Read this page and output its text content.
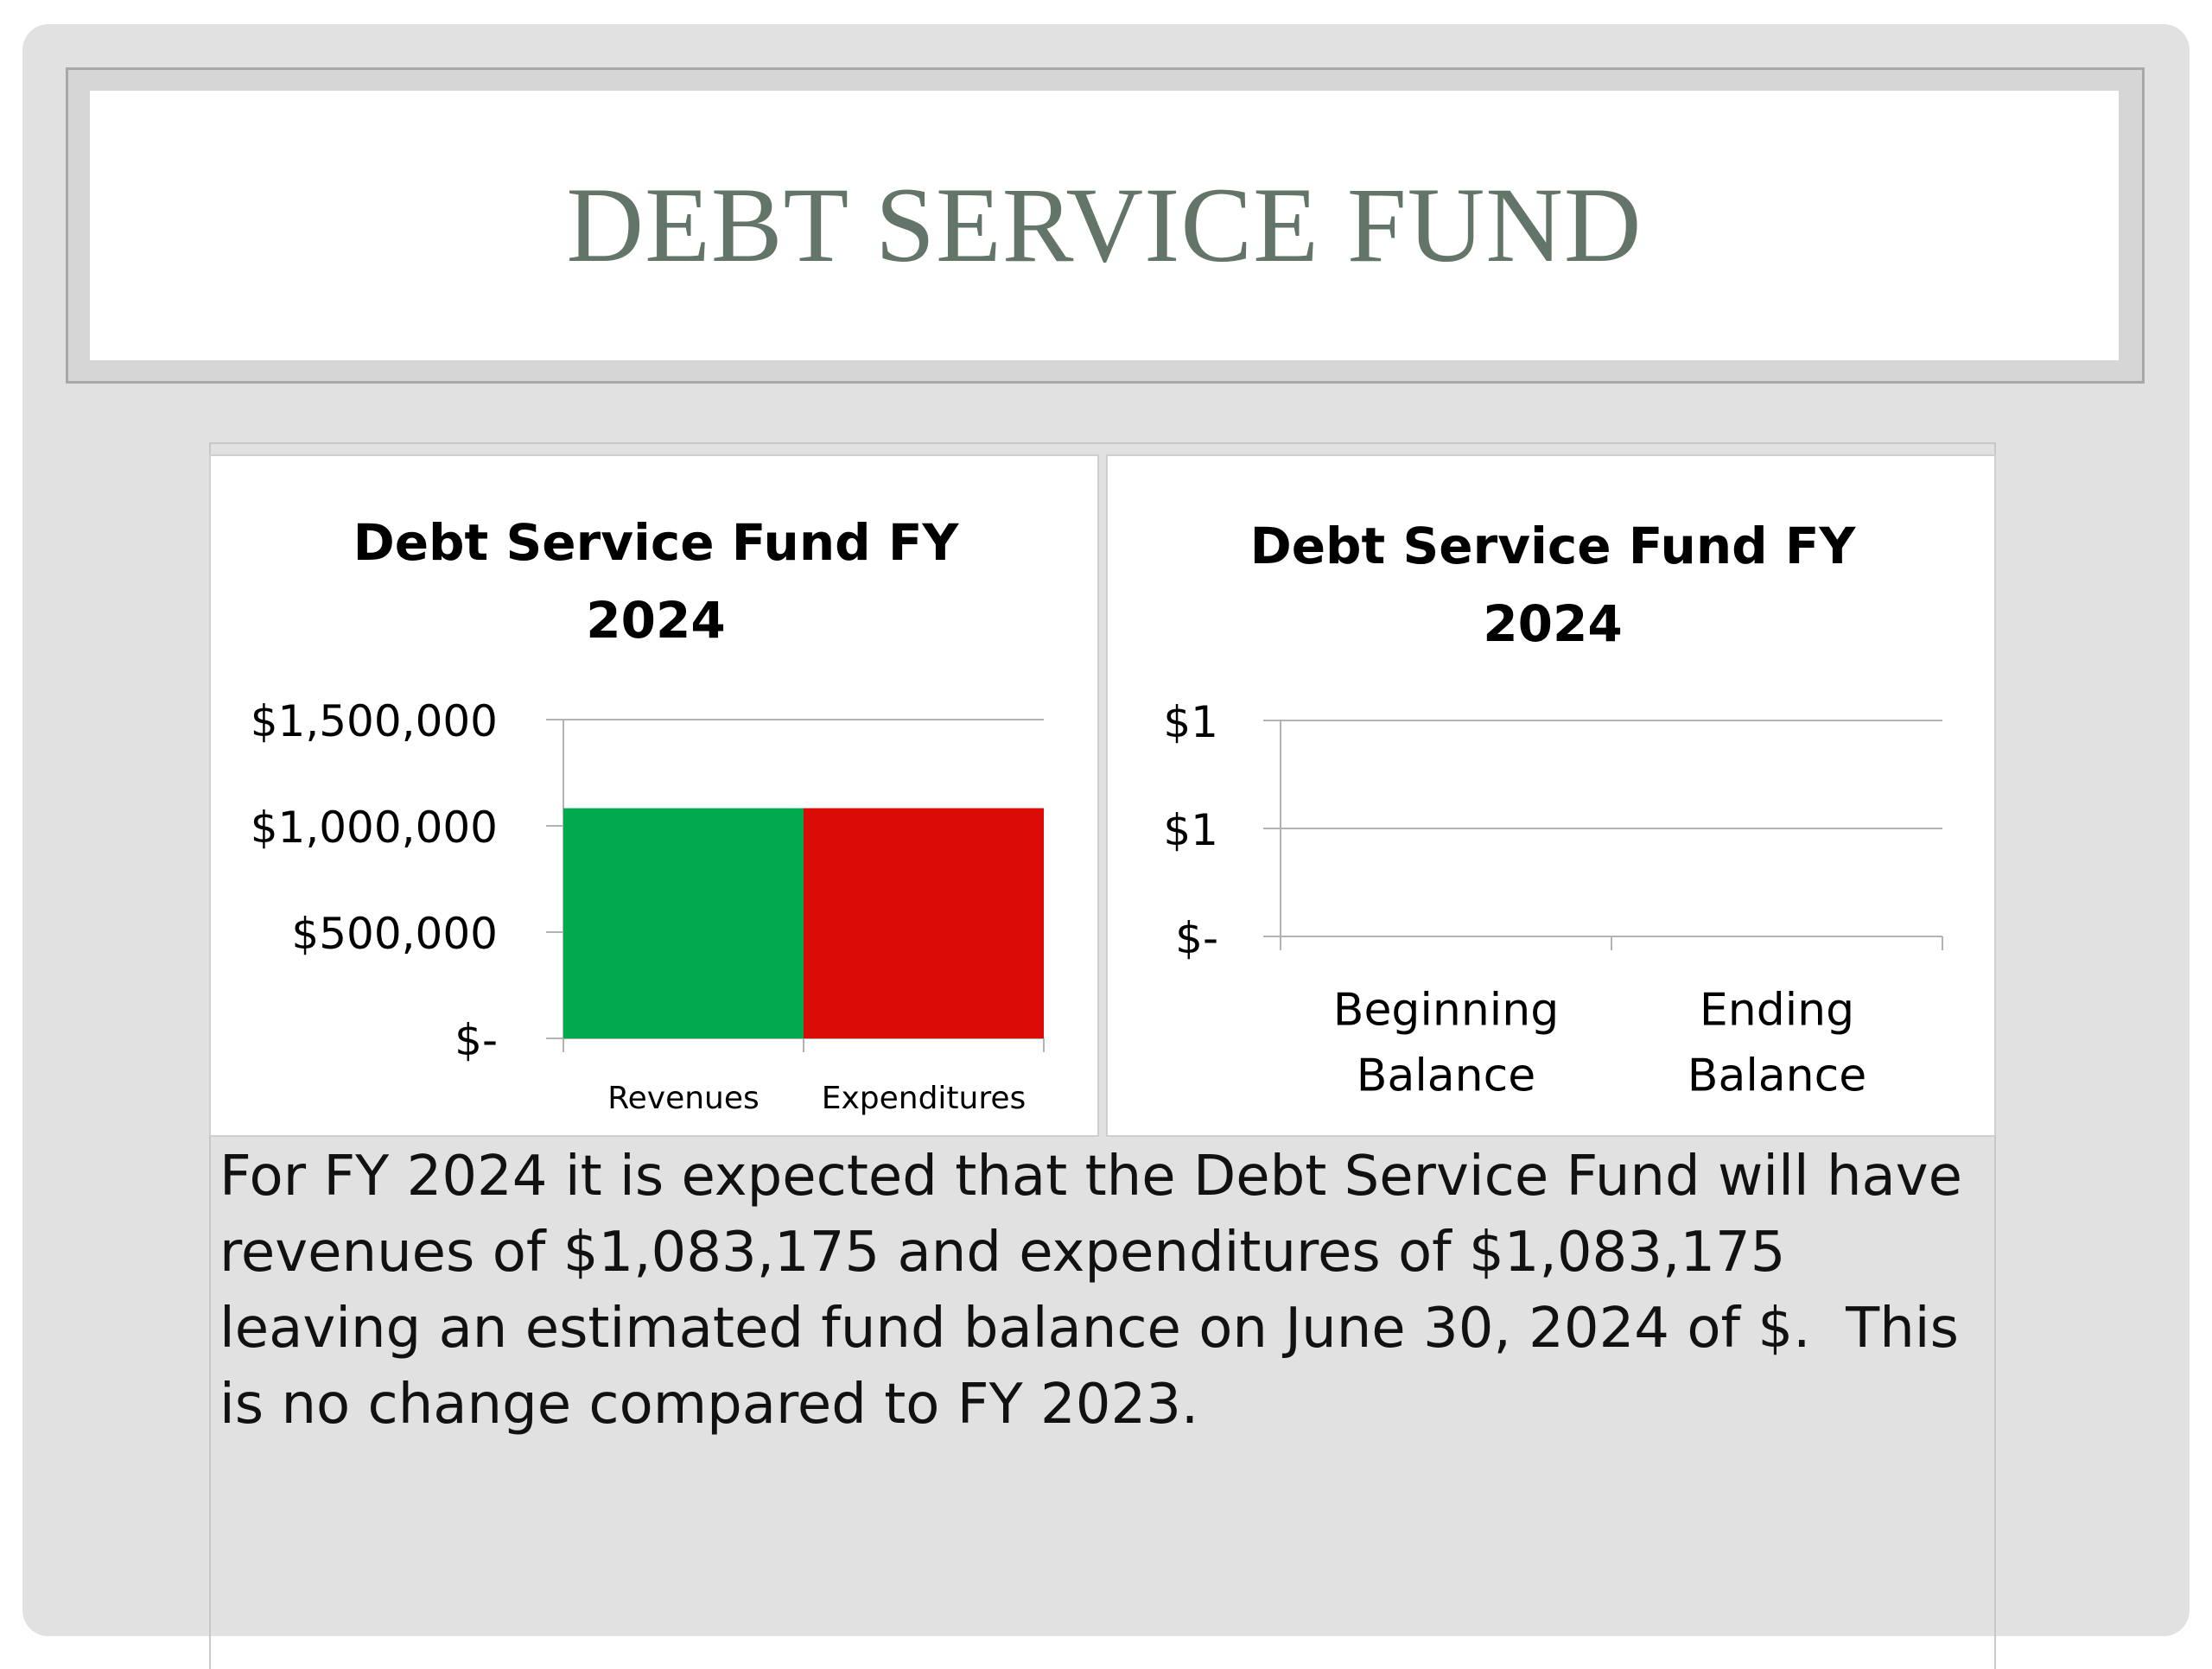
DEBT SERVICE FUND
Debt Service Fund FY
2024
$-
$500,000
$1,000,000
$1,500,000
Revenues Expenditures
Debt Service Fund FY
2024
$-
$1
$1
Beginning
Balance
Ending
Balance
For FY 2024 it is expected that the Debt Service Fund will have revenues of $1,083,175 and expenditures of $1,083,175 leaving an estimated fund balance on June 30, 2024 of $.  This is no change compared to FY 2023.
